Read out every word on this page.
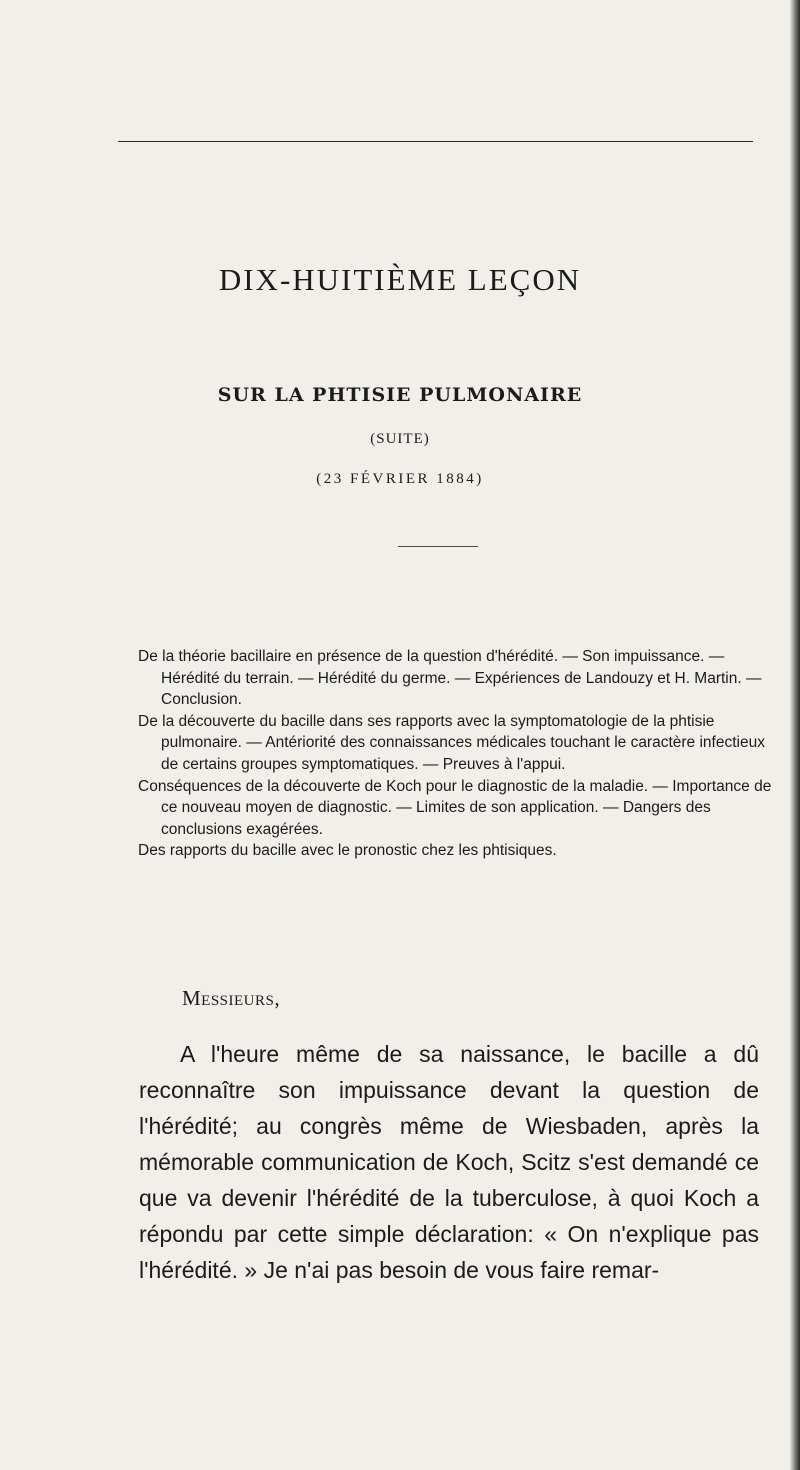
DIX-HUITIÈME LEÇON
SUR LA PHTISIE PULMONAIRE
(SUITE)
(23 FÉVRIER 1884)

De la théorie bacillaire en présence de la question d'hérédité. — Son impuissance. — Hérédité du terrain. — Hérédité du germe. — Expériences de Landouzy et H. Martin. — Conclusion.

De la découverte du bacille dans ses rapports avec la symptomatologie de la phtisie pulmonaire. — Antériorité des connaissances médicales touchant le caractère infectieux de certains groupes symptomatiques. — Preuves à l'appui.

Conséquences de la découverte de Koch pour le diagnostic de la maladie. — Importance de ce nouveau moyen de diagnostic. — Limites de son application. — Dangers des conclusions exagérées.

Des rapports du bacille avec le pronostic chez les phtisiques.

Messieurs,
A l'heure même de sa naissance, le bacille a dû reconnaître son impuissance devant la question de l'hérédité; au congrès même de Wiesbaden, après la mémorable communication de Koch, Scitz s'est demandé ce que va devenir l'hérédité de la tuberculose, à quoi Koch a répondu par cette simple déclaration: « On n'explique pas l'hérédité. » Je n'ai pas besoin de vous faire remar-
